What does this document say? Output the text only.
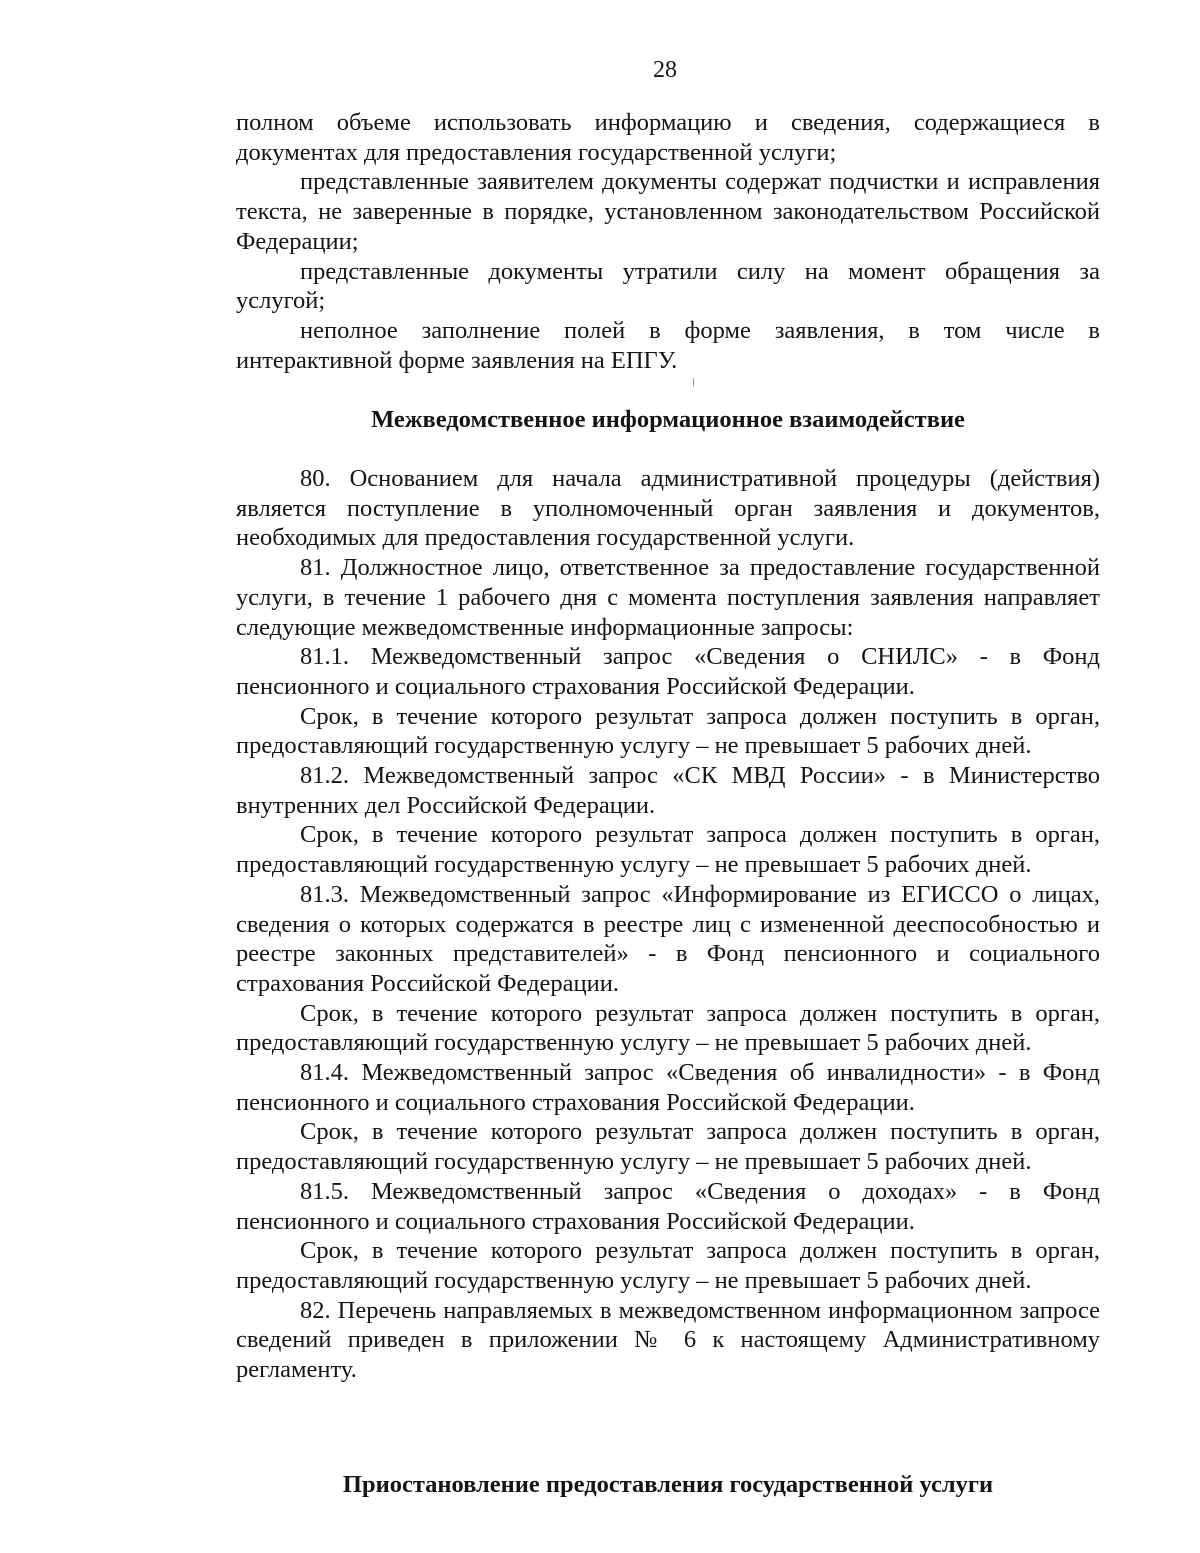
28

полном объеме использовать информацию и сведения, содержащиеся в документах для предоставления государственной услуги;

представленные заявителем документы содержат подчистки и исправления текста, не заверенные в порядке, установленном законодательством Российской Федерации;

представленные документы утратили силу на момент обращения за услугой;

неполное заполнение полей в форме заявления, в том числе в интерактивной форме заявления на ЕПГУ.

Межведомственное информационное взаимодействие

80. Основанием для начала административной процедуры (действия) является поступление в уполномоченный орган заявления и документов, необходимых для предоставления государственной услуги.

81. Должностное лицо, ответственное за предоставление государственной услуги, в течение 1 рабочего дня с момента поступления заявления направляет следующие межведомственные информационные запросы:

81.1. Межведомственный запрос «Сведения о СНИЛС» - в Фонд пенсионного и социального страхования Российской Федерации.

Срок, в течение которого результат запроса должен поступить в орган, предоставляющий государственную услугу – не превышает 5 рабочих дней.

81.2. Межведомственный запрос «СК МВД России» - в Министерство внутренних дел Российской Федерации.

Срок, в течение которого результат запроса должен поступить в орган, предоставляющий государственную услугу – не превышает 5 рабочих дней.

81.3. Межведомственный запрос «Информирование из ЕГИССО о лицах, сведения о которых содержатся в реестре лиц с измененной дееспособностью и реестре законных представителей» - в Фонд пенсионного и социального страхования Российской Федерации.

Срок, в течение которого результат запроса должен поступить в орган, предоставляющий государственную услугу – не превышает 5 рабочих дней.

81.4. Межведомственный запрос «Сведения об инвалидности» - в Фонд пенсионного и социального страхования Российской Федерации.

Срок, в течение которого результат запроса должен поступить в орган, предоставляющий государственную услугу – не превышает 5 рабочих дней.

81.5. Межведомственный запрос «Сведения о доходах» - в Фонд пенсионного и социального страхования Российской Федерации.

Срок, в течение которого результат запроса должен поступить в орган, предоставляющий государственную услугу – не превышает 5 рабочих дней.

82. Перечень направляемых в межведомственном информационном запросе сведений приведен в приложении № 6 к настоящему Административному регламенту.

Приостановление предоставления государственной услуги
